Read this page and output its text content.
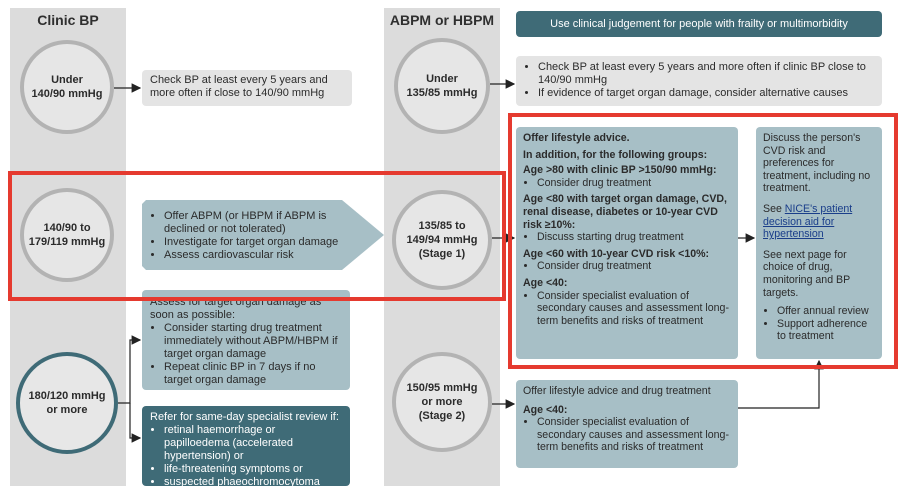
Clinic BP	ABPM or HBPM	Use clinical judgement for people with frailty or multimorbidity
Under
140/90 mmHg
140/90 to
179/119 mmHg
180/120 mmHg
or more
Under
135/85 mmHg
135/85 to
149/94 mmHg
(Stage 1)
150/95 mmHg
or more
(Stage 2)
Check BP at least every 5 years and
more often if close to 140/90 mmHg
• Check BP at least every 5 years and more often if clinic BP close to 140/90 mmHg
• If evidence of target organ damage, consider alternative causes
• Offer ABPM (or HBPM if ABPM is declined or not tolerated)
• Investigate for target organ damage
• Assess cardiovascular risk
Assess for target organ damage as soon as possible:
• Consider starting drug treatment immediately without ABPM/HBPM if target organ damage
• Repeat clinic BP in 7 days if no target organ damage
Refer for same-day specialist review if:
• retinal haemorrhage or papilloedema (accelerated hypertension) or
• life-threatening symptoms or
• suspected phaeochromocytoma
Offer lifestyle advice.
In addition, for the following groups:
Age >80 with clinic BP >150/90 mmHg:
• Consider drug treatment
Age <80 with target organ damage, CVD, renal disease, diabetes or 10-year CVD risk ≥10%:
• Discuss starting drug treatment
Age <60 with 10-year CVD risk <10%:
• Consider drug treatment
Age <40:
• Consider specialist evaluation of secondary causes and assessment long-term benefits and risks of treatment
Discuss the person's CVD risk and preferences for treatment, including no treatment.
See NICE's patient decision aid for hypertension
See next page for choice of drug, monitoring and BP targets.
• Offer annual review
• Support adherence to treatment
Offer lifestyle advice and drug treatment
Age <40:
• Consider specialist evaluation of secondary causes and assessment long-term benefits and risks of treatment
